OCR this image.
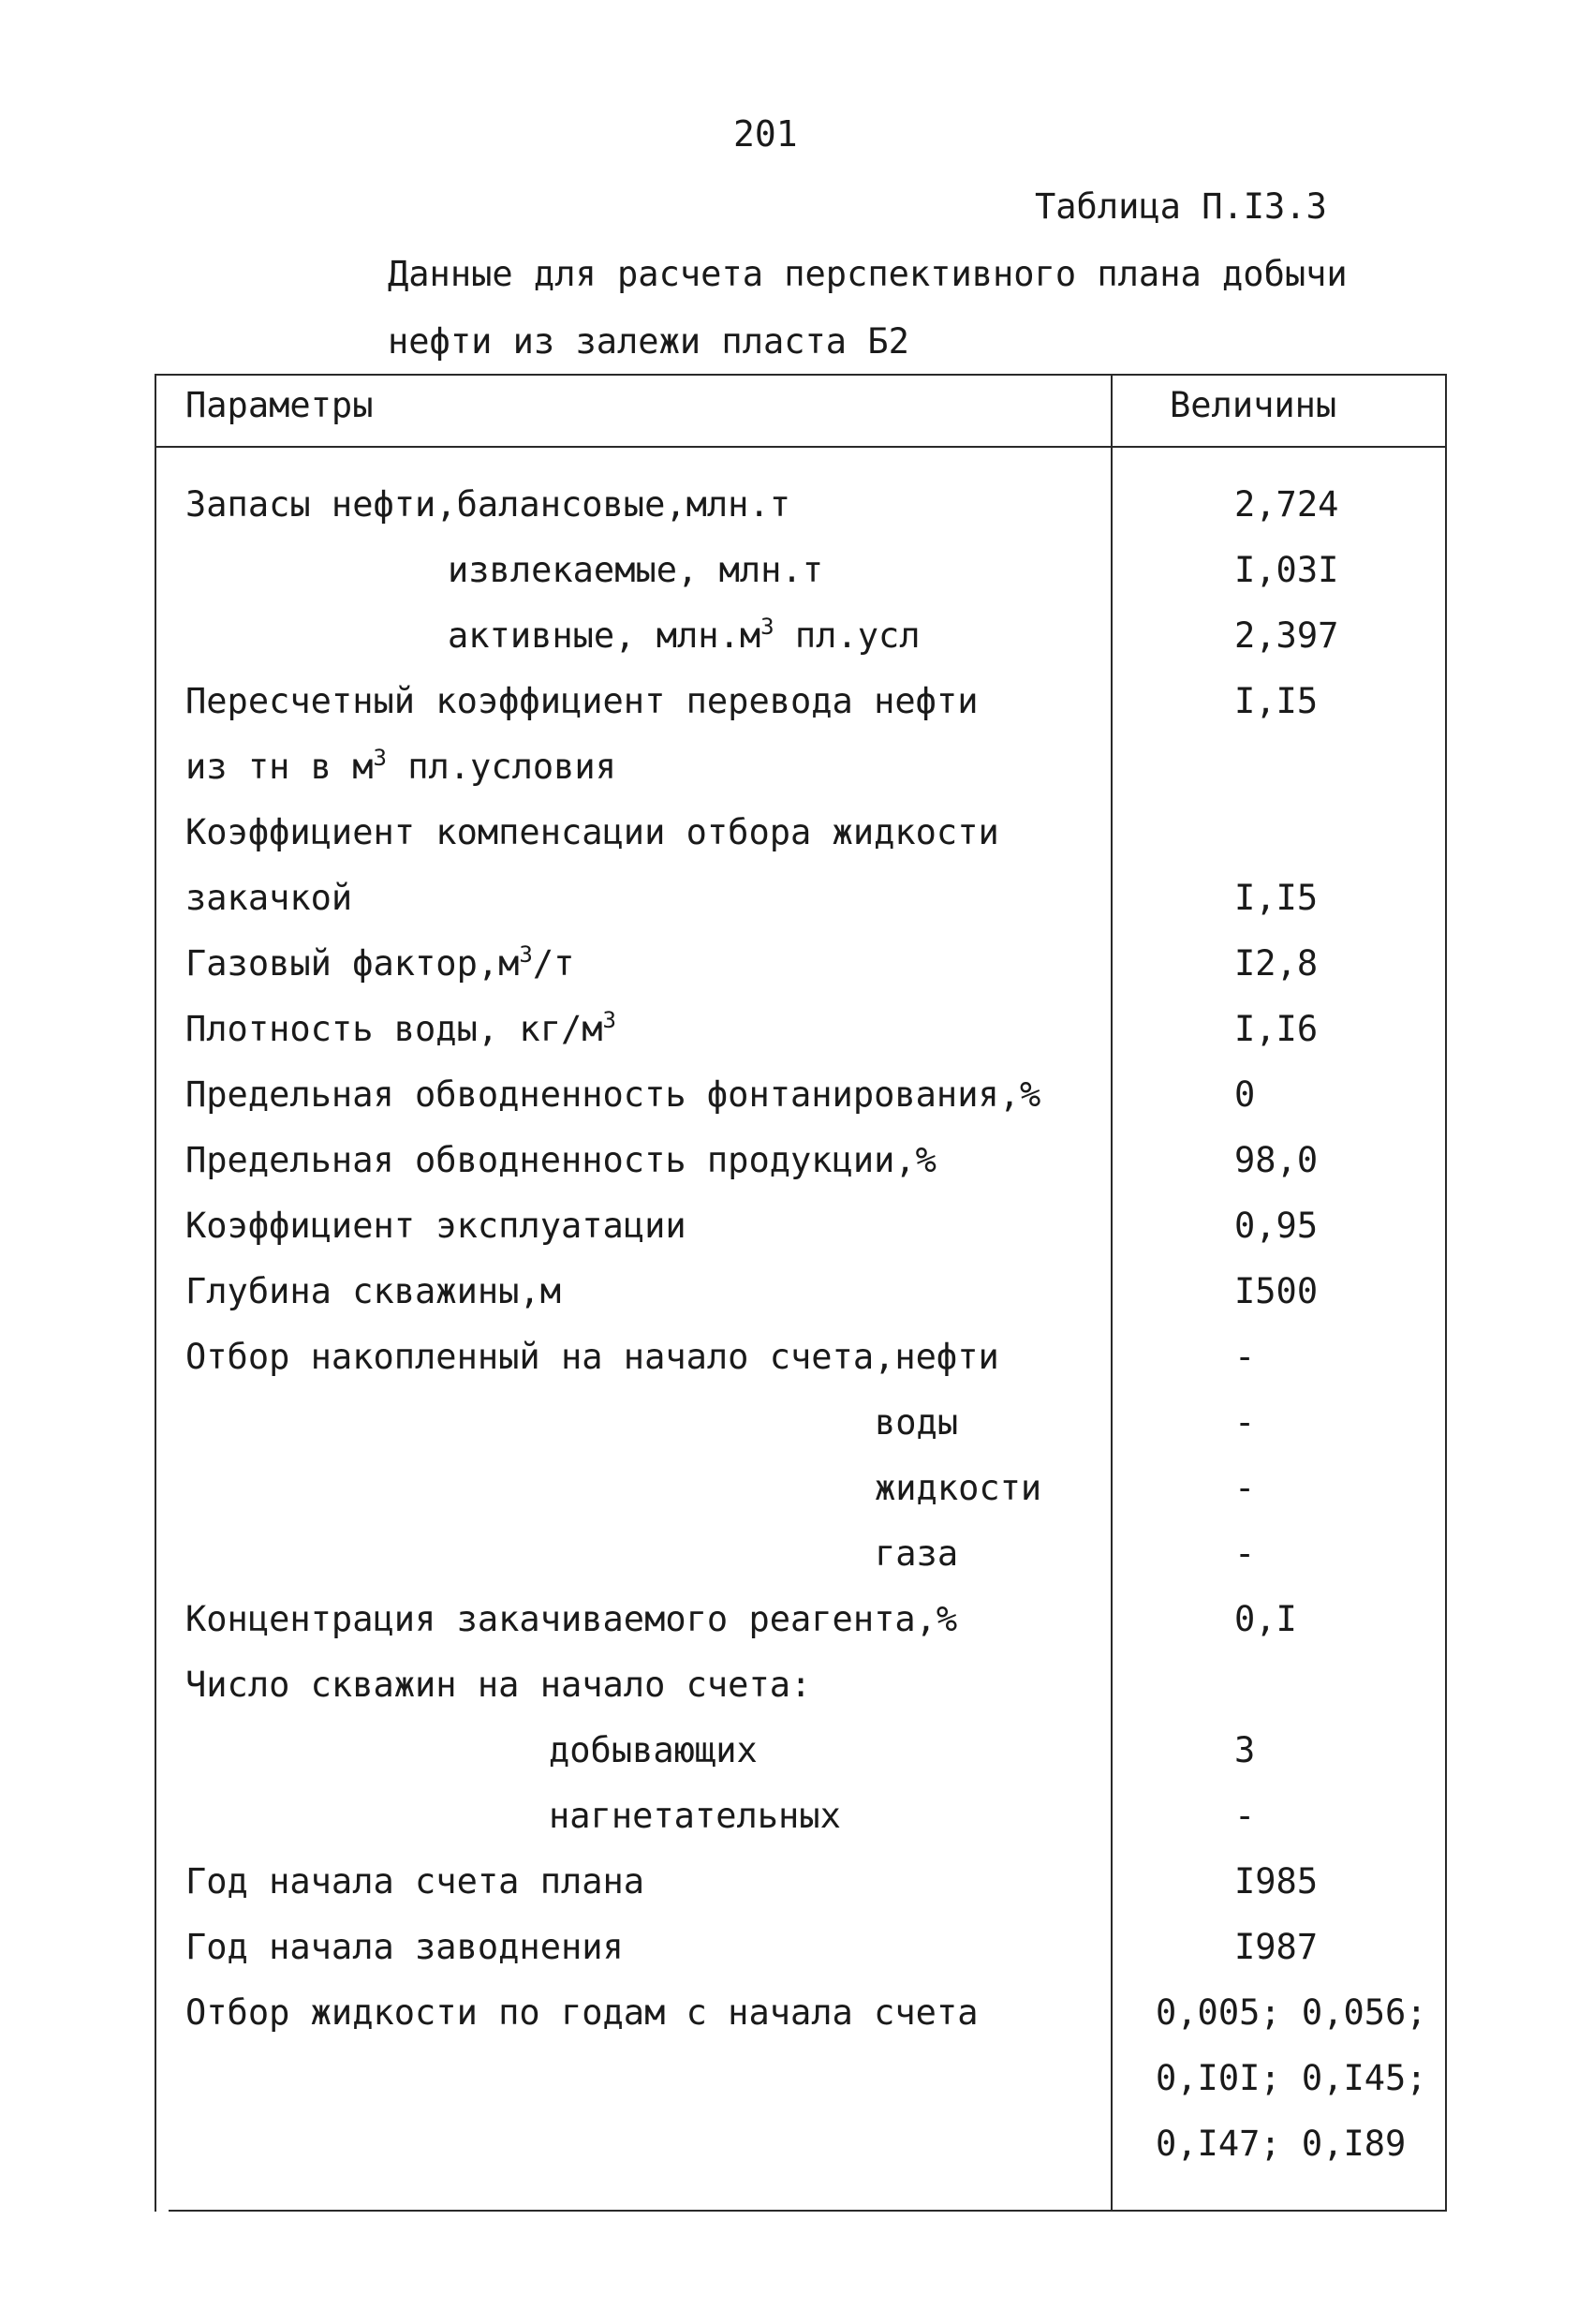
201
Таблица П.I3.3
Данные для расчета перспективного плана добычи
нефти из залежи пласта Б2
Параметры	Величины
Запасы нефти,балансовые,млн.т	2,724
извлекаемые, млн.т	I,03I
активные, $млн.м^3$ пл.усл	2,397
Пересчетный коэффициент перевода нефти	I,I5
из тн в $м^3$ пл.условия
Коэффициент компенсации отбора жидкости
закачкой	I,I5
Газовый $фактор,м^3/т$	I2,8
Плотность воды, $кг/м^3$	I,I6
Предельная обводненность фонтанирования,%	0
Предельная обводненность продукции,%	98,0
Коэффициент эксплуатации	0,95
Глубина скважины,м	I500
Отбор накопленный на начало счета,нефти	-
воды	-
жидкости	-
газа	-
Концентрация закачиваемого реагента,%	0,I
Число скважин на начало счета:
добывающих	3
нагнетательных	-
Год начала счета плана	I985
Год начала заводнения	I987
Отбор жидкости по годам с начала счета	0,005; 0,056;
0,I0I; 0,I45;
0,I47; 0,I89
